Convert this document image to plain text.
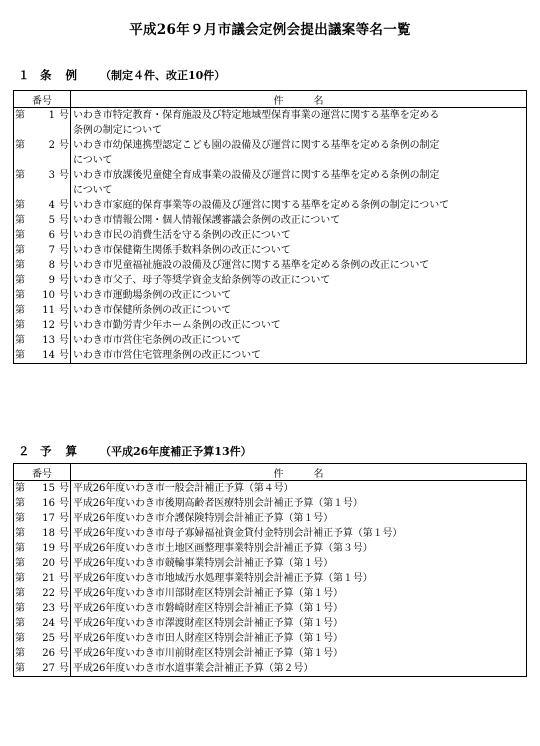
平成26年９月市議会定例会提出議案等名一覧
１ 条例 （制定４件、改正10件）
番号	件　　　名
第 1 号	いわき市特定教育・保育施設及び特定地域型保育事業の運営に関する基準を定める
条例の制定について
第 2 号	いわき市幼保連携型認定こども園の設備及び運営に関する基準を定める条例の制定
について
第 3 号	いわき市放課後児童健全育成事業の設備及び運営に関する基準を定める条例の制定
について
第 4 号	いわき市家庭的保育事業等の設備及び運営に関する基準を定める条例の制定について
第 5 号	いわき市情報公開・個人情報保護審議会条例の改正について
第 6 号	いわき市民の消費生活を守る条例の改正について
第 7 号	いわき市保健衛生関係手数料条例の改正について
第 8 号	いわき市児童福祉施設の設備及び運営に関する基準を定める条例の改正について
第 9 号	いわき市父子、母子等奨学資金支給条例等の改正について
第 10 号	いわき市運動場条例の改正について
第 11 号	いわき市保健所条例の改正について
第 12 号	いわき市勤労青少年ホーム条例の改正について
第 13 号	いわき市市営住宅条例の改正について
第 14 号	いわき市市営住宅管理条例の改正について
２ 予算 （平成26年度補正予算13件）
番号	件　　　名
第 15 号	平成26年度いわき市一般会計補正予算（第４号）
第 16 号	平成26年度いわき市後期高齢者医療特別会計補正予算（第１号）
第 17 号	平成26年度いわき市介護保険特別会計補正予算（第１号）
第 18 号	平成26年度いわき市母子寡婦福祉資金貸付金特別会計補正予算（第１号）
第 19 号	平成26年度いわき市土地区画整理事業特別会計補正予算（第３号）
第 20 号	平成26年度いわき市競輪事業特別会計補正予算（第１号）
第 21 号	平成26年度いわき市地域汚水処理事業特別会計補正予算（第１号）
第 22 号	平成26年度いわき市川部財産区特別会計補正予算（第１号）
第 23 号	平成26年度いわき市磐崎財産区特別会計補正予算（第１号）
第 24 号	平成26年度いわき市澤渡財産区特別会計補正予算（第１号）
第 25 号	平成26年度いわき市田人財産区特別会計補正予算（第１号）
第 26 号	平成26年度いわき市川前財産区特別会計補正予算（第１号）
第 27 号	平成26年度いわき市水道事業会計補正予算（第２号）
